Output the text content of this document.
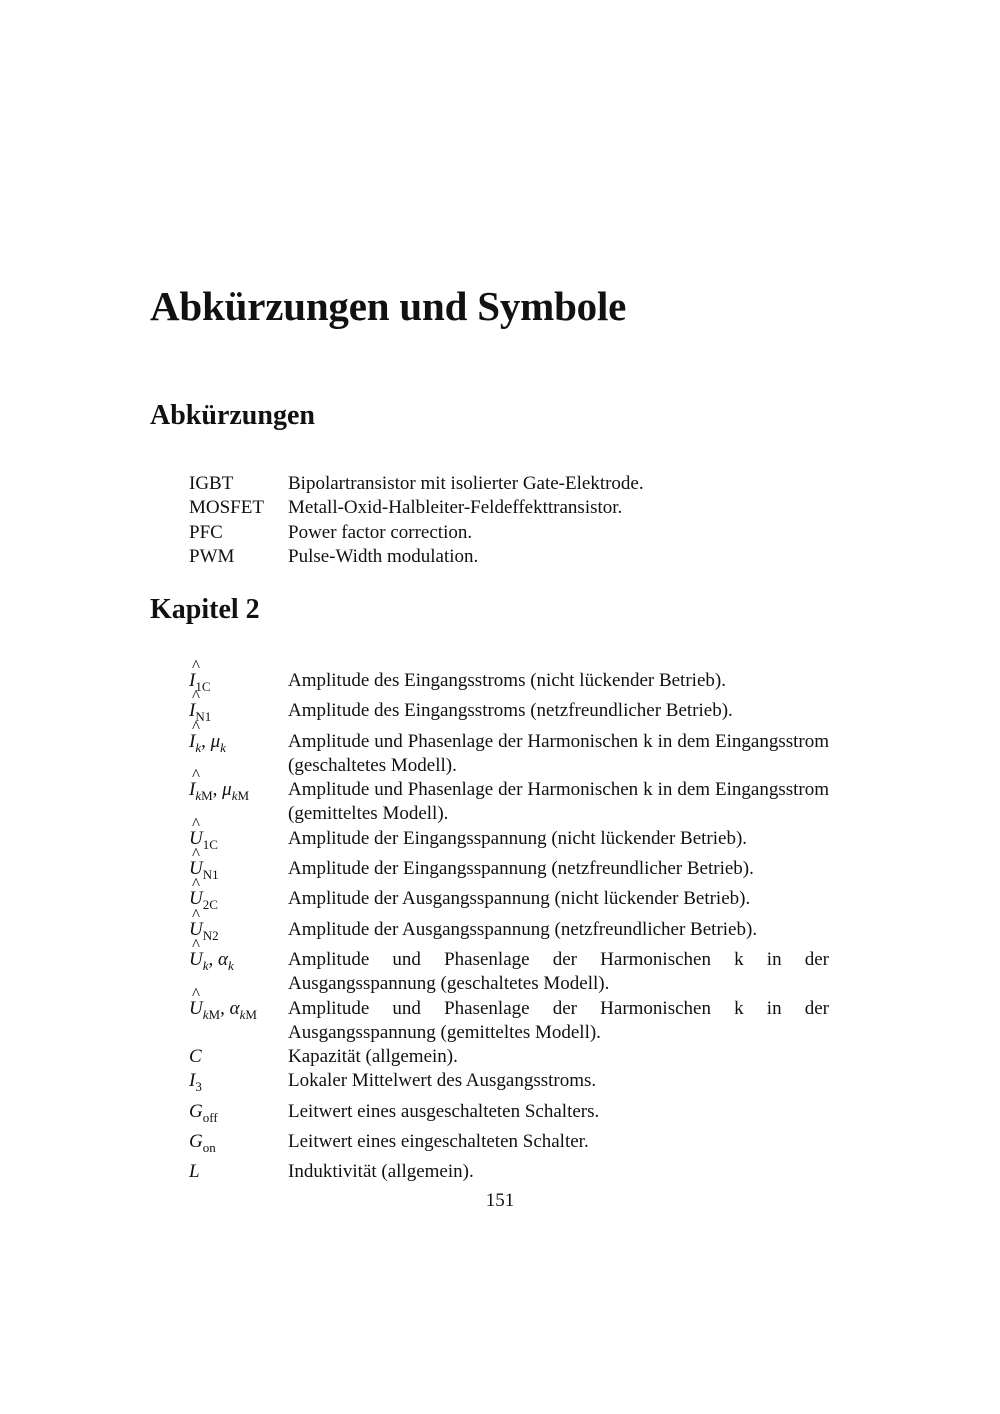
Abkürzungen und Symbole
Abkürzungen
IGBT	Bipolartransistor mit isolierter Gate-Elektrode.
MOSFET	Metall-Oxid-Halbleiter-Feldeffekttransistor.
PFC	Power factor correction.
PWM	Pulse-Width modulation.
Kapitel 2
^
$I_{1C}$	Amplitude des Eingangsstroms (nicht lückender Betrieb).
^
$I_{N1}$	Amplitude des Eingangsstroms (netzfreundlicher Betrieb).
^
$I_k$, $\mu_k$	Amplitude und Phasenlage der Harmonischen k in dem Eingangsstrom (geschaltetes Modell).
^
$I_{kM}$, $\mu_{kM}$	Amplitude und Phasenlage der Harmonischen k in dem Eingangsstrom (gemitteltes Modell).
^
$U_{1C}$	Amplitude der Eingangsspannung (nicht lückender Betrieb).
^
$U_{N1}$	Amplitude der Eingangsspannung (netzfreundlicher Betrieb).
^
$U_{2C}$	Amplitude der Ausgangsspannung (nicht lückender Betrieb).
^
$U_{N2}$	Amplitude der Ausgangsspannung (netzfreundlicher Betrieb).
^
$U_k$, $\alpha_k$	Amplitude und Phasenlage der Harmonischen k in der Ausgangsspannung (geschaltetes Modell).
^
$U_{kM}$, $\alpha_{kM}$	Amplitude und Phasenlage der Harmonischen k in der Ausgangsspannung (gemitteltes Modell).
C	Kapazität (allgemein).
$I_3$	Lokaler Mittelwert des Ausgangsstroms.
$G_{off}$	Leitwert eines ausgeschalteten Schalters.
$G_{on}$	Leitwert eines eingeschalteten Schalter.
L	Induktivität (allgemein).
151
